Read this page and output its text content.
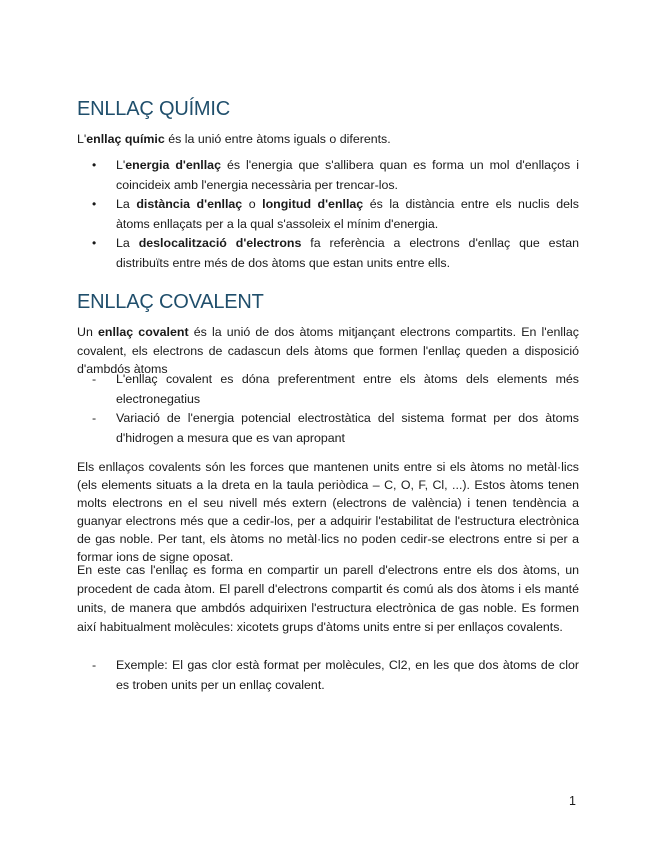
ENLLAÇ QUÍMIC

L'enllaç químic és la unió entre àtoms iguals o diferents.

• L'energia d'enllaç és l'energia que s'allibera quan es forma un mol d'enllaços i coincideix amb l'energia necessària per trencar-los.
• La distància d'enllaç o longitud d'enllaç és la distància entre els nuclis dels àtoms enllaçats per a la qual s'assoleix el mínim d'energia.
• La deslocalització d'electrons fa referència a electrons d'enllaç que estan distribuïts entre més de dos àtoms que estan units entre ells.
ENLLAÇ COVALENT

Un enllaç covalent és la unió de dos àtoms mitjançant electrons compartits. En l'enllaç covalent, els electrons de cadascun dels àtoms que formen l'enllaç queden a disposició d'ambdós àtoms

- L'enllaç covalent es dóna preferentment entre els àtoms dels elements més electronegatius
- Variació de l'energia potencial electrostàtica del sistema format per dos àtoms d'hidrogen a mesura que es van apropant

Els enllaços covalents són les forces que mantenen units entre si els àtoms no metàl·lics (els elements situats a la dreta en la taula periòdica – C, O, F, Cl, ...). Estos àtoms tenen molts electrons en el seu nivell més extern (electrons de valència) i tenen tendència a guanyar electrons més que a cedir-los, per a adquirir l'estabilitat de l'estructura electrònica de gas noble. Per tant, els àtoms no metàl·lics no poden cedir-se electrons entre si per a formar ions de signe oposat.

En este cas l'enllaç es forma en compartir un parell d'electrons entre els dos àtoms, un procedent de cada àtom. El parell d'electrons compartit és comú als dos àtoms i els manté units, de manera que ambdós adquirixen l'estructura electrònica de gas noble. Es formen així habitualment molècules: xicotets grups d'àtoms units entre si per enllaços covalents.

- Exemple: El gas clor està format per molècules, Cl2, en les que dos àtoms de clor es troben units per un enllaç covalent.
1
